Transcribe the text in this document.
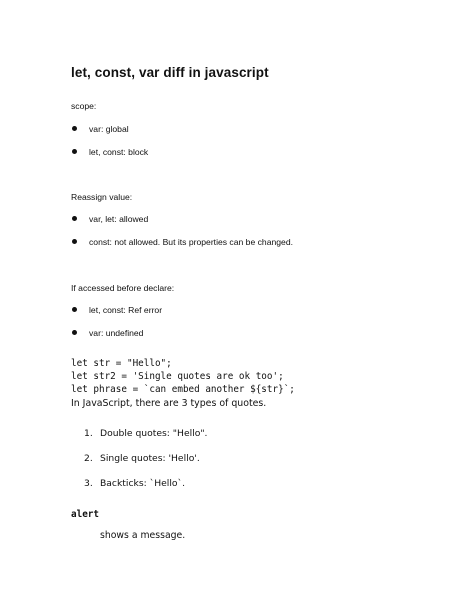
let, const, var diff in javascript
scope:
var: global
let, const: block
Reassign value:
var, let: allowed
const: not allowed. But its properties can be changed.
If accessed before declare:
let, const: Ref error
var: undefined
let str = "Hello";
let str2 = 'Single quotes are ok too';
let phrase = `can embed another ${str}`;
In JavaScript, there are 3 types of quotes.
1. Double quotes: "Hello".
2. Single quotes: 'Hello'.
3. Backticks: `Hello`.
alert
shows a message.
